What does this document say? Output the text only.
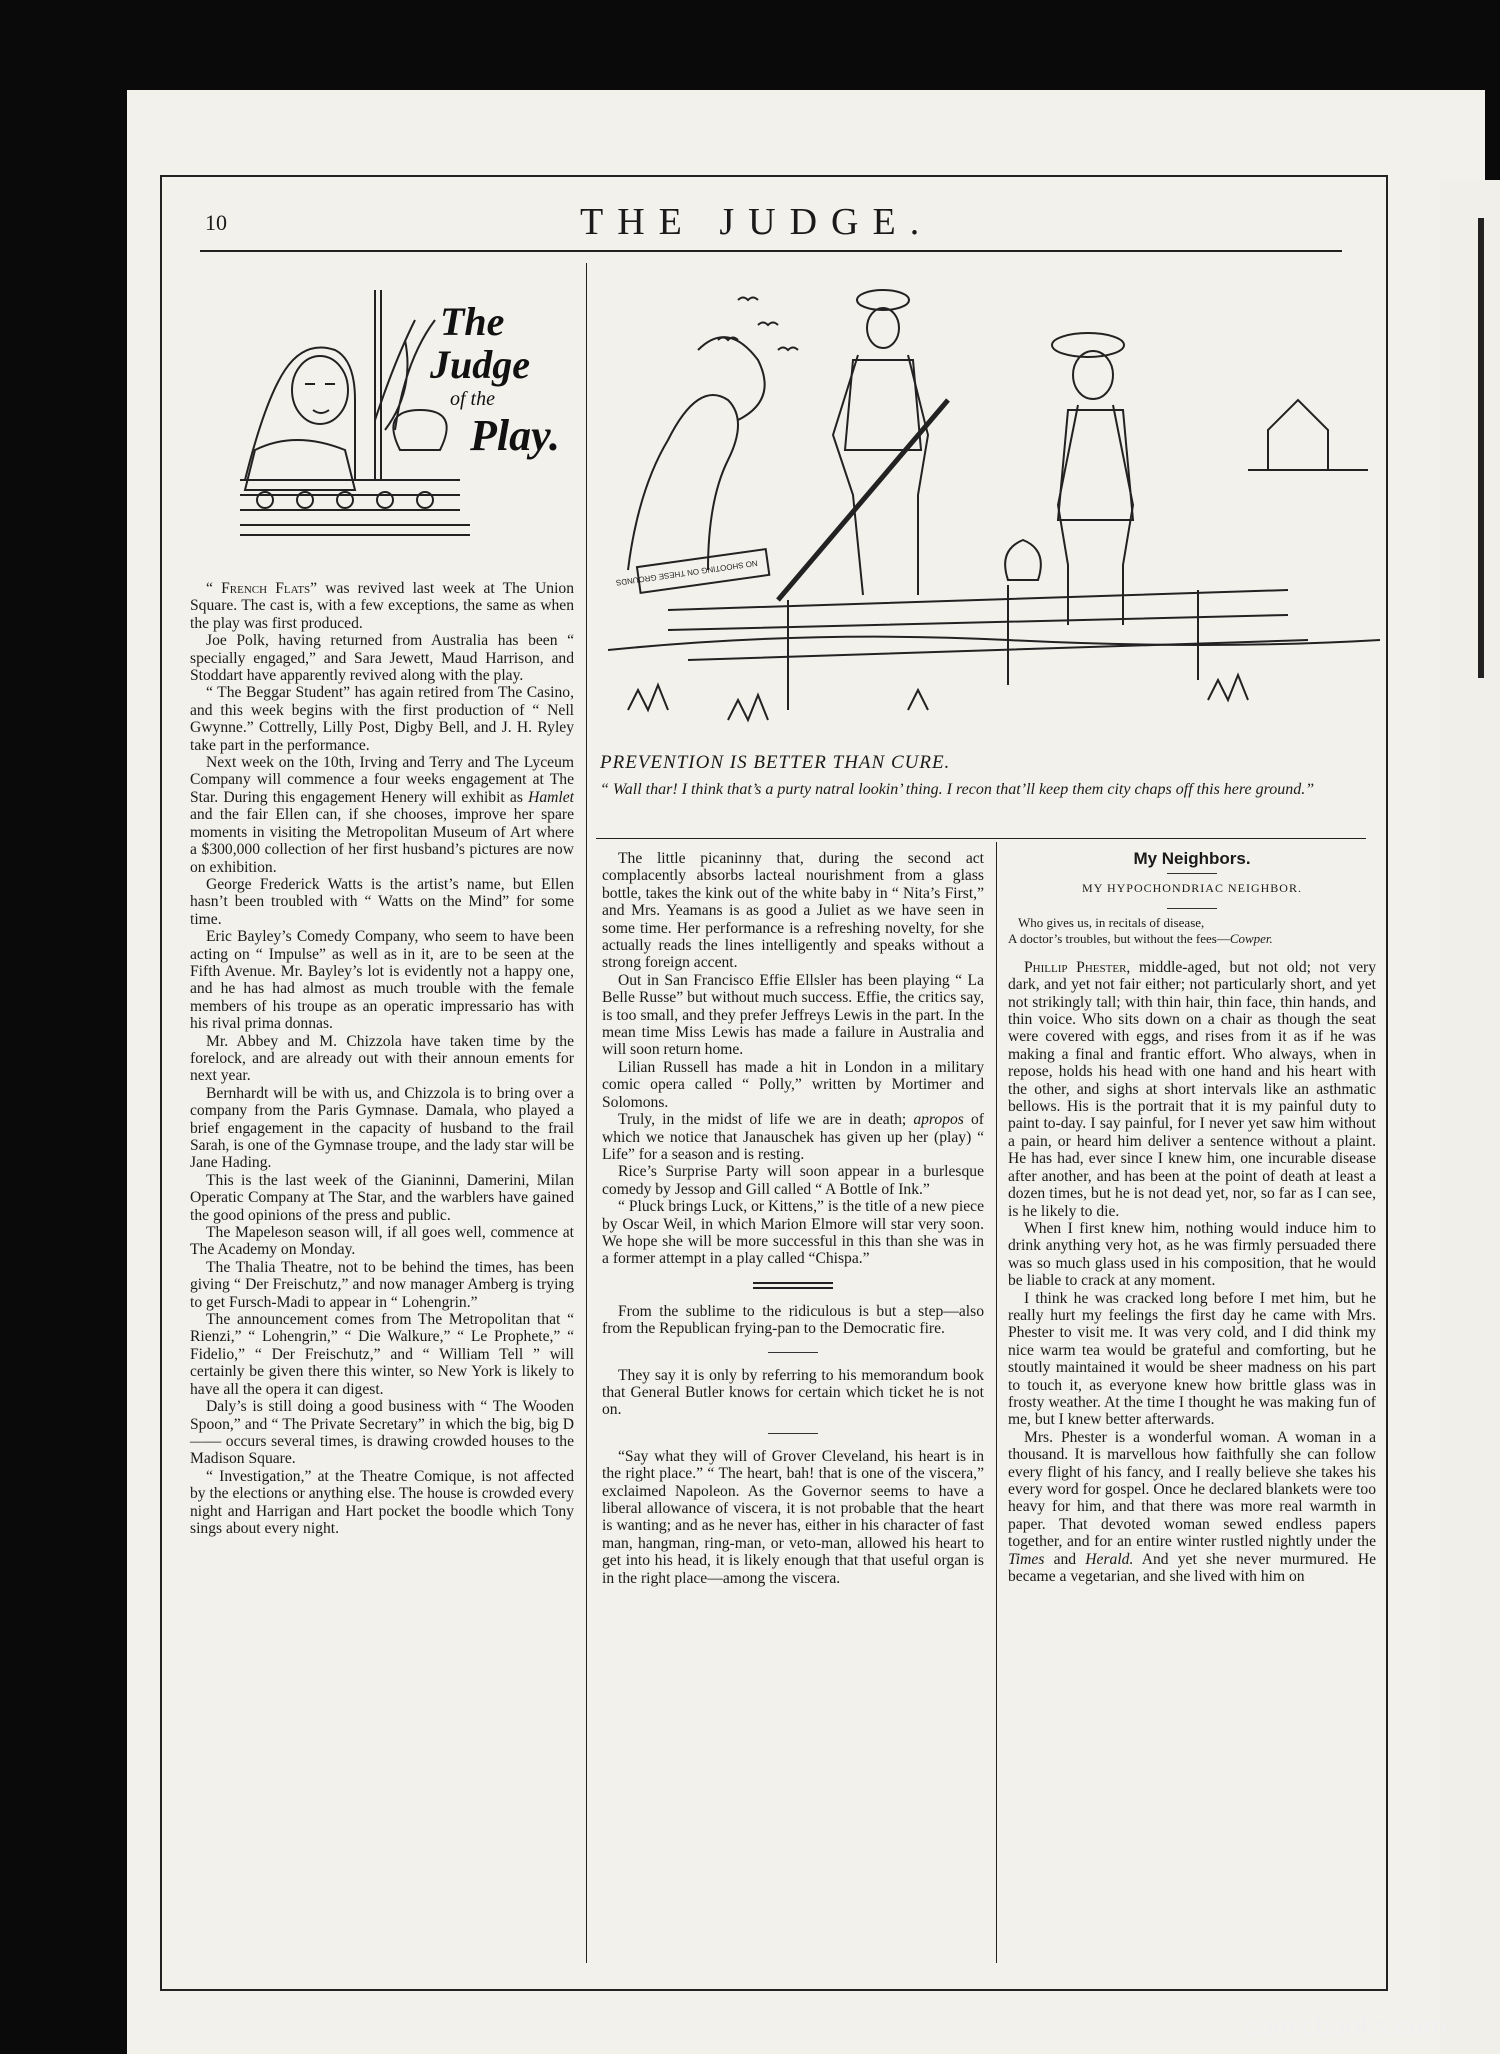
10	THE JUDGE.
The
Judge
of the
Play.
NO SHOOTING ON THESE GROUNDS
PREVENTION IS BETTER THAN CURE.
“ Wall thar! I think that’s a purty natral lookin’ thing. I recon that’ll keep them city chaps off this here ground.”

“ French Flats” was revived last week at The Union Square. The cast is, with a few exceptions, the same as when the play was first produced.

Joe Polk, having returned from Australia has been “ specially engaged,” and Sara Jewett, Maud Harrison, and Stoddart have apparently revived along with the play.

“ The Beggar Student” has again retired from The Casino, and this week begins with the first production of “ Nell Gwynne.” Cottrelly, Lilly Post, Digby Bell, and J. H. Ryley take part in the performance.

Next week on the 10th, Irving and Terry and The Lyceum Company will commence a four weeks engagement at The Star. During this engagement Henery will exhibit as Hamlet and the fair Ellen can, if she chooses, improve her spare moments in visiting the Metropolitan Museum of Art where a $300,000 collection of her first husband’s pictures are now on exhibition.

George Frederick Watts is the artist’s name, but Ellen hasn’t been troubled with “ Watts on the Mind” for some time.

Eric Bayley’s Comedy Company, who seem to have been acting on “ Impulse” as well as in it, are to be seen at the Fifth Avenue. Mr. Bayley’s lot is evidently not a happy one, and he has had almost as much trouble with the female members of his troupe as an operatic impressario has with his rival prima donnas.

Mr. Abbey and M. Chizzola have taken time by the forelock, and are already out with their announ ements for next year.

Bernhardt will be with us, and Chizzola is to bring over a company from the Paris Gymnase. Damala, who played a brief engagement in the capacity of husband to the frail Sarah, is one of the Gymnase troupe, and the lady star will be Jane Hading.

This is the last week of the Gianinni, Damerini, Milan Operatic Company at The Star, and the warblers have gained the good opinions of the press and public.

The Mapeleson season will, if all goes well, commence at The Academy on Monday.

The Thalia Theatre, not to be behind the times, has been giving “ Der Freischutz,” and now manager Amberg is trying to get Fursch-Madi to appear in “ Lohengrin.”

The announcement comes from The Metropolitan that “ Rienzi,” “ Lohengrin,” “ Die Walkure,” “ Le Prophete,” “ Fidelio,” “ Der Freischutz,” and “ William Tell ” will certainly be given there this winter, so New York is likely to have all the opera it can digest.

Daly’s is still doing a good business with “ The Wooden Spoon,” and “ The Private Secretary” in which the big, big D—— occurs several times, is drawing crowded houses to the Madison Square.

“ Investigation,” at the Theatre Comique, is not affected by the elections or anything else. The house is crowded every night and Harrigan and Hart pocket the boodle which Tony sings about every night.

The little picaninny that, during the second act complacently absorbs lacteal nourishment from a glass bottle, takes the kink out of the white baby in “ Nita’s First,” and Mrs. Yeamans is as good a Juliet as we have seen in some time. Her performance is a refreshing novelty, for she actually reads the lines intelligently and speaks without a strong foreign accent.

Out in San Francisco Effie Ellsler has been playing “ La Belle Russe” but without much success. Effie, the critics say, is too small, and they prefer Jeffreys Lewis in the part. In the mean time Miss Lewis has made a failure in Australia and will soon return home.

Lilian Russell has made a hit in London in a military comic opera called “ Polly,” written by Mortimer and Solomons.

Truly, in the midst of life we are in death; apropos of which we notice that Janauschek has given up her (play) “ Life” for a season and is resting.

Rice’s Surprise Party will soon appear in a burlesque comedy by Jessop and Gill called “ A Bottle of Ink.”

“ Pluck brings Luck, or Kittens,” is the title of a new piece by Oscar Weil, in which Marion Elmore will star very soon. We hope she will be more successful in this than she was in a former attempt in a play called “Chispa.”

From the sublime to the ridiculous is but a step—also from the Republican frying-pan to the Democratic fire.

They say it is only by referring to his memorandum book that General Butler knows for certain which ticket he is not on.

“Say what they will of Grover Cleveland, his heart is in the right place.” “ The heart, bah! that is one of the viscera,” exclaimed Napoleon. As the Governor seems to have a liberal allowance of viscera, it is not probable that the heart is wanting; and as he never has, either in his character of fast man, hangman, ring-man, or veto-man, allowed his heart to get into his head, it is likely enough that that useful organ is in the right place—among the viscera.

My Neighbors.
MY HYPOCHONDRIAC NEIGHBOR.
Who gives us, in recitals of disease,
A doctor’s troubles, but without the fees—Cowper.

Phillip Phester, middle-aged, but not old; not very dark, and yet not fair either; not particularly short, and yet not strikingly tall; with thin hair, thin face, thin hands, and thin voice. Who sits down on a chair as though the seat were covered with eggs, and rises from it as if he was making a final and frantic effort. Who always, when in repose, holds his head with one hand and his heart with the other, and sighs at short intervals like an asthmatic bellows. His is the portrait that it is my painful duty to paint to-day. I say painful, for I never yet saw him without a pain, or heard him deliver a sentence without a plaint. He has had, ever since I knew him, one incurable disease after another, and has been at the point of death at least a dozen times, but he is not dead yet, nor, so far as I can see, is he likely to die.

When I first knew him, nothing would induce him to drink anything very hot, as he was firmly persuaded there was so much glass used in his composition, that he would be liable to crack at any moment.

I think he was cracked long before I met him, but he really hurt my feelings the first day he came with Mrs. Phester to visit me. It was very cold, and I did think my nice warm tea would be grateful and comforting, but he stoutly maintained it would be sheer madness on his part to touch it, as everyone knew how brittle glass was in frosty weather. At the time I thought he was making fun of me, but I knew better afterwards.

Mrs. Phester is a wonderful woman. A woman in a thousand. It is marvellous how faithfully she can follow every flight of his fancy, and I really believe she takes his every word for gospel. Once he declared blankets were too heavy for him, and that there was more real warmth in paper. That devoted woman sewed endless papers together, and for an entire winter rustled nightly under the Times and Herald. And yet she never murmured. He became a vegetarian, and she lived with him on

comicbooks.com
